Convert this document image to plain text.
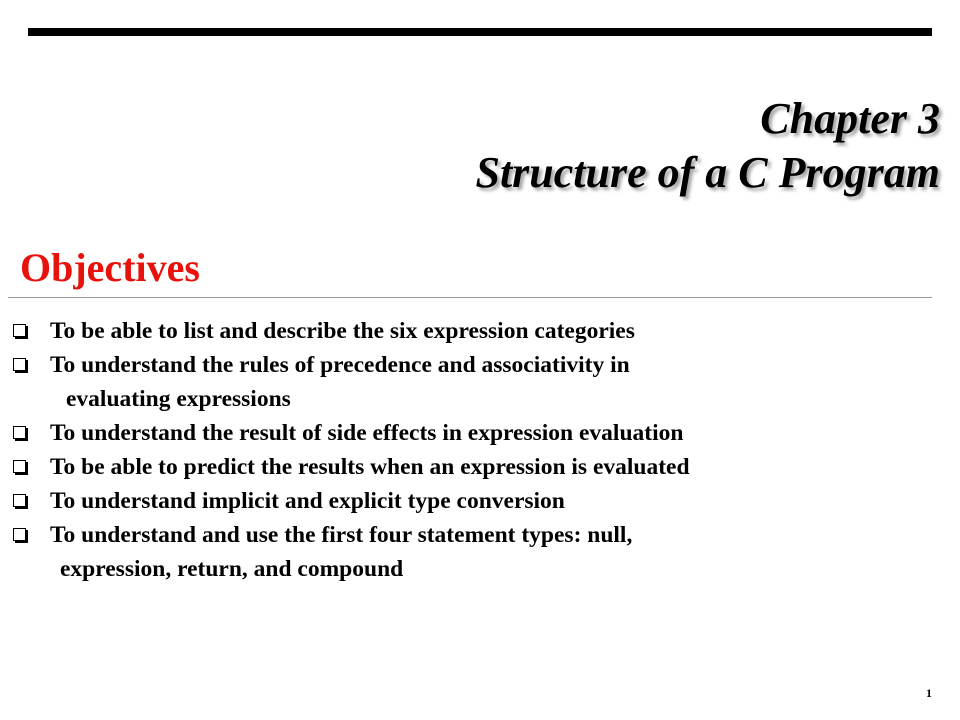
Chapter 3
Structure of a C Program
Objectives
To be able to list and describe the six expression categories
To understand the rules of precedence and associativity in
evaluating expressions
To understand the result of side effects in expression evaluation
To be able to predict the results when an expression is evaluated
To understand implicit and explicit type conversion
To understand and use the first four statement types: null,
expression, return, and compound
1
